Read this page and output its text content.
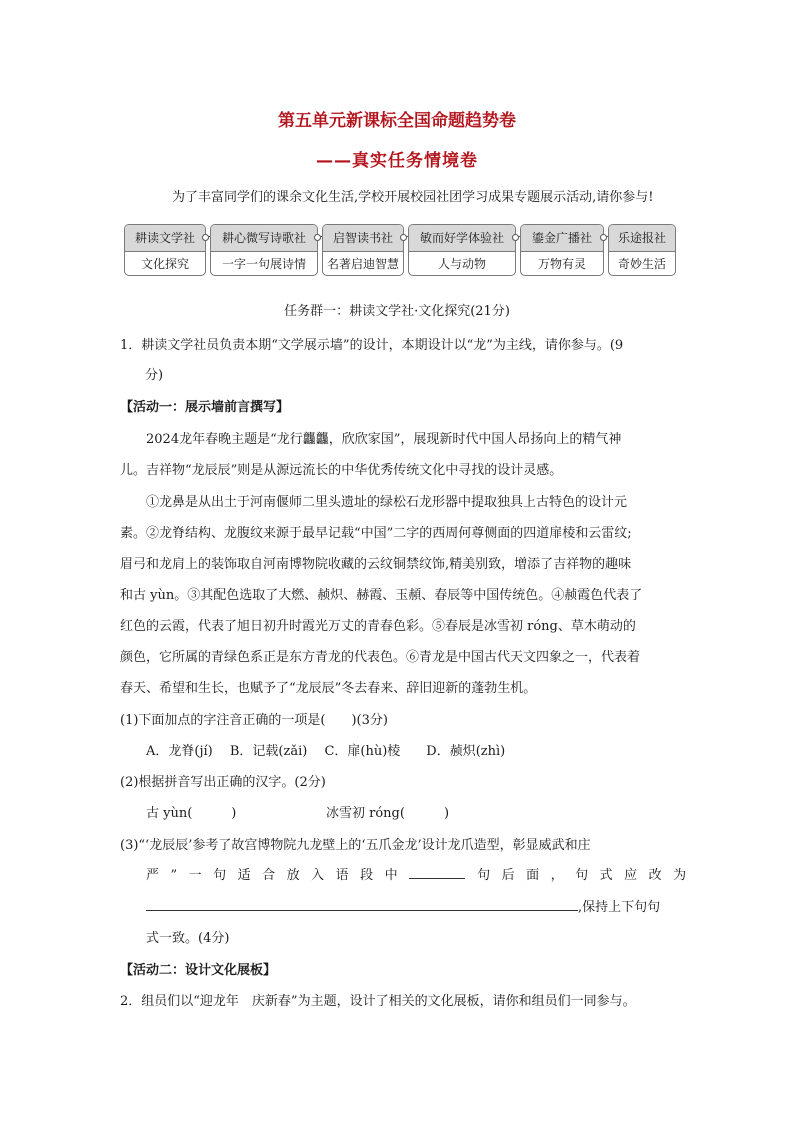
第五单元新课标全国命题趋势卷
——真实任务情境卷
为了丰富同学们的课余文化生活,学校开展校园社团学习成果专题展示活动,请你参与!
耕读文学社
文化探究
耕心微写诗歌社
一字一句展诗情
启智读书社
名著启迪智慧
敏而好学体验社
人与动物
鎏金广播社
万物有灵
乐途报社
奇妙生活
任务群一：耕读文学社·文化探究(21分)
1．耕读文学社员负责本期“文学展示墙”的设计，本期设计以“龙”为主线，请你参与。(9
分)
【活动一：展示墙前言撰写】
2024龙年春晚主题是“龙行龘龘，欣欣家国”，展现新时代中国人昂扬向上的精气神
儿。吉祥物“龙辰辰”则是从源远流长的中华优秀传统文化中寻找的设计灵感。
①龙鼻是从出土于河南偃师二里头遗址的绿松石龙形器中提取独具上古特色的设计元
素。②龙脊结构、龙腹纹来源于最早记载“中国”二字的西周何尊侧面的四道扉棱和云雷纹;
眉弓和龙肩上的装饰取自河南博物院收藏的云纹铜禁纹饰,精美别致，增添了吉祥物的趣味
和古 yùn。③其配色选取了大燃、赪炽、赫霞、玉頳、春辰等中国传统色。④赪霞色代表了
红色的云霞，代表了旭日初升时霞光万丈的青春色彩。⑤春辰是冰雪初 róng、草木萌动的
颜色，它所属的青绿色系正是东方青龙的代表色。⑥青龙是中国古代天文四象之一，代表着
春天、希望和生长，也赋予了“龙辰辰”冬去春来、辞旧迎新的蓬勃生机。
(1)下面加点的字注音正确的一项是(　　)(3分)
A．龙脊(jí)　 B．记载(zǎi)　 C．扉(hù)棱　　D．赪炽(zhì)
(2)根据拼音写出正确的汉字。(2分)
古 yùn(　　　)	冰雪初 róng(　　　)
(3)“‘龙辰辰’参考了故宫博物院九龙壁上的‘五爪金龙’设计龙爪造型，彰显威武和庄
严”一句适合放入语段中	句后面，句式应改为
,保持上下句句
式一致。(4分)
【活动二：设计文化展板】
2．组员们以“迎龙年　庆新春”为主题，设计了相关的文化展板，请你和组员们一同参与。
